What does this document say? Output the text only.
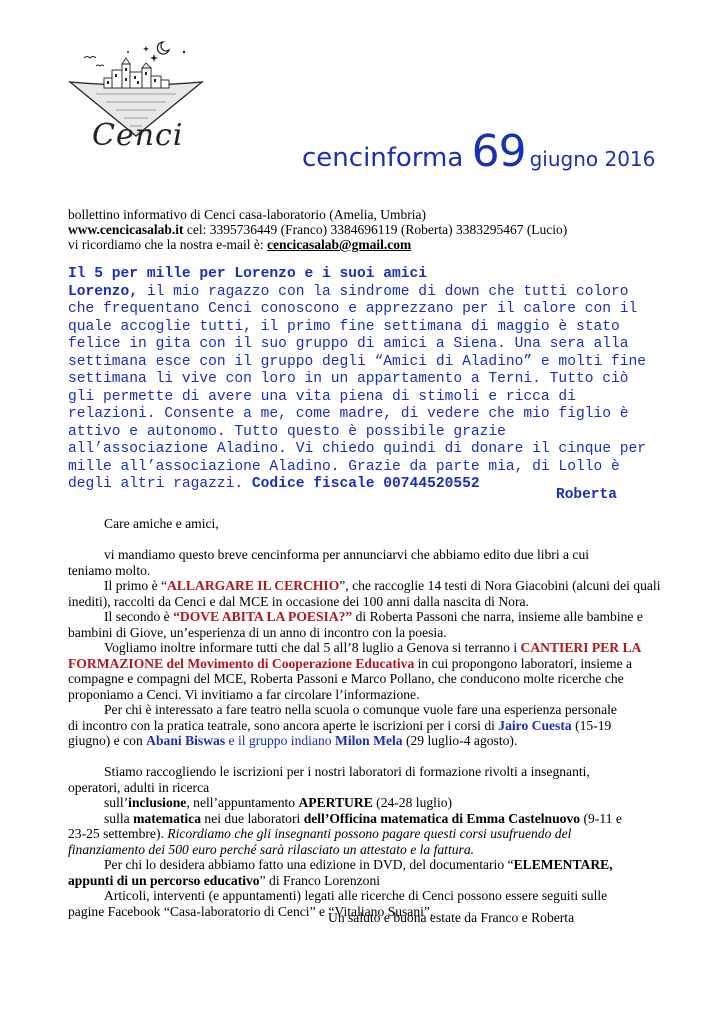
Cenci
cencinforma 69 giugno 2016
bollettino informativo di Cenci casa-laboratorio (Amelia, Umbria)
www.cencicasalab.it cel: 3395736449 (Franco) 3384696119 (Roberta) 3383295467 (Lucio)
vi ricordiamo che la nostra e-mail è: cencicasalab@gmail.com
Il 5 per mille per Lorenzo e i suoi amici
Lorenzo, il mio ragazzo con la sindrome di down che tutti coloro
che frequentano Cenci conoscono e apprezzano per il calore con il
quale accoglie tutti, il primo fine settimana di maggio è stato
felice in gita con il suo gruppo di amici a Siena. Una sera alla
settimana esce con il gruppo degli “Amici di Aladino” e molti fine
settimana li vive con loro in un appartamento a Terni. Tutto ciò
gli permette di avere una vita piena di stimoli e ricca di
relazioni. Consente a me, come madre, di vedere che mio figlio è
attivo e autonomo. Tutto questo è possibile grazie
all’associazione Aladino. Vi chiedo quindi di donare il cinque per
mille all’associazione Aladino. Grazie da parte mia, di Lollo è
degli altri ragazzi. Codice fiscale 00744520552
Roberta
Care amiche e amici,
vi mandiamo questo breve cencinforma per annunciarvi che abbiamo edito due libri a cui
teniamo molto.
Il primo è “ALLARGARE IL CERCHIO”, che raccoglie 14 testi di Nora Giacobini (alcuni dei quali
inediti), raccolti da Cenci e dal MCE in occasione dei 100 anni dalla nascita di Nora.
Il secondo è “DOVE ABITA LA POESIA?” di Roberta Passoni che narra, insieme alle bambine e
bambini di Giove, un’esperienza di un anno di incontro con la poesia.
Vogliamo inoltre informare tutti che dal 5 all’8 luglio a Genova si terranno i CANTIERI PER LA
FORMAZIONE del Movimento di Cooperazione Educativa in cui propongono laboratori, insieme a
compagne e compagni del MCE, Roberta Passoni e Marco Pollano, che conducono molte ricerche che
proponiamo a Cenci. Vi invitiamo a far circolare l’informazione.
Per chi è interessato a fare teatro nella scuola o comunque vuole fare una esperienza personale
di incontro con la pratica teatrale, sono ancora aperte le iscrizioni per i corsi di Jairo Cuesta (15-19
giugno) e con Abani Biswas e il gruppo indiano Milon Mela (29 luglio-4 agosto).
Stiamo raccogliendo le iscrizioni per i nostri laboratori di formazione rivolti a insegnanti,
operatori, adulti in ricerca
sull’inclusione, nell’appuntamento APERTURE (24-28 luglio)
sulla matematica nei due laboratori dell’Officina matematica di Emma Castelnuovo (9-11 e
23-25 settembre). Ricordiamo che gli insegnanti possono pagare questi corsi usufruendo del
finanziamento dei 500 euro perché sarà rilasciato un attestato e la fattura.
Per chi lo desidera abbiamo fatto una edizione in DVD, del documentario “ELEMENTARE,
appunti di un percorso educativo” di Franco Lorenzoni
Articoli, interventi (e appuntamenti) legati alle ricerche di Cenci possono essere seguiti sulle
pagine Facebook “Casa-laboratorio di Cenci” e “Vitaliano Susani”.
Un saluto e buona estate da Franco e Roberta
